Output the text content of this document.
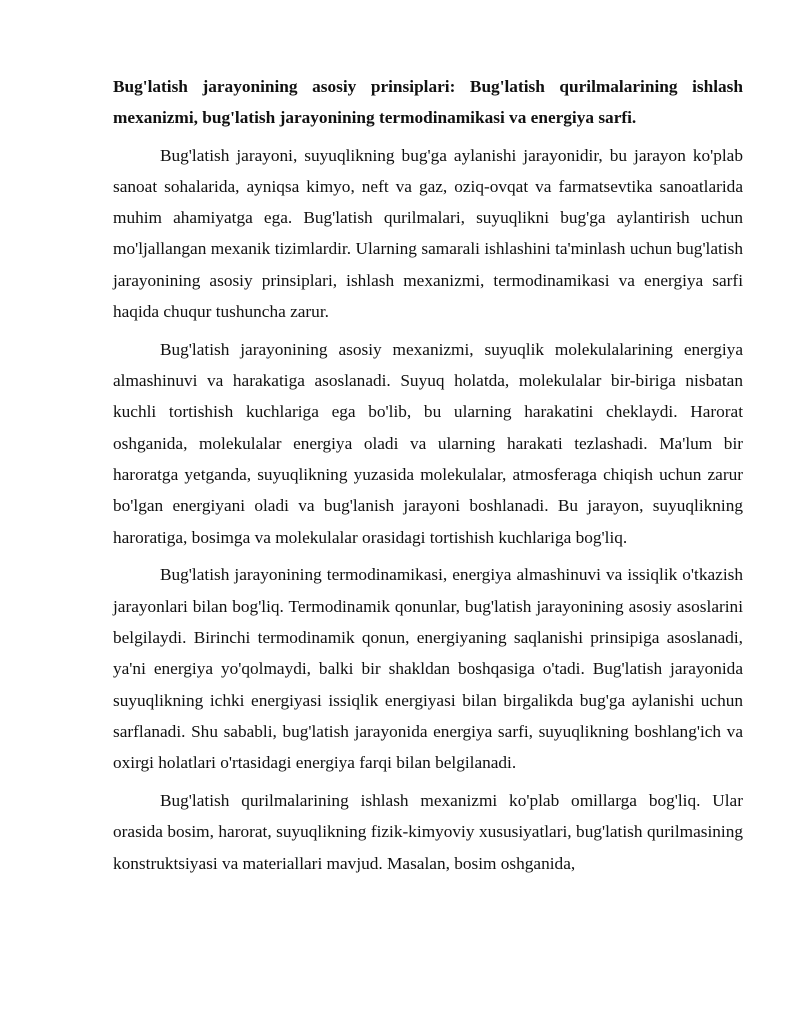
Bug'latish jarayonining asosiy prinsiplari: Bug'latish qurilmalarining ishlash mexanizmi, bug'latish jarayonining termodinamikasi va energiya sarfi.

Bug'latish jarayoni, suyuqlikning bug'ga aylanishi jarayonidir, bu jarayon ko'plab sanoat sohalarida, ayniqsa kimyo, neft va gaz, oziq-ovqat va farmatsevtika sanoatlarida muhim ahamiyatga ega. Bug'latish qurilmalari, suyuqlikni bug'ga aylantirish uchun mo'ljallangan mexanik tizimlardir. Ularning samarali ishlashini ta'minlash uchun bug'latish jarayonining asosiy prinsiplari, ishlash mexanizmi, termodinamikasi va energiya sarfi haqida chuqur tushuncha zarur.

Bug'latish jarayonining asosiy mexanizmi, suyuqlik molekulalarining energiya almashinuvi va harakatiga asoslanadi. Suyuq holatda, molekulalar bir-biriga nisbatan kuchli tortishish kuchlariga ega bo'lib, bu ularning harakatini cheklaydi. Harorat oshganida, molekulalar energiya oladi va ularning harakati tezlashadi. Ma'lum bir haroratga yetganda, suyuqlikning yuzasida molekulalar, atmosferaga chiqish uchun zarur bo'lgan energiyani oladi va bug'lanish jarayoni boshlanadi. Bu jarayon, suyuqlikning haroratiga, bosimga va molekulalar orasidagi tortishish kuchlariga bog'liq.

Bug'latish jarayonining termodinamikasi, energiya almashinuvi va issiqlik o'tkazish jarayonlari bilan bog'liq. Termodinamik qonunlar, bug'latish jarayonining asosiy asoslarini belgilaydi. Birinchi termodinamik qonun, energiyaning saqlanishi prinsipiga asoslanadi, ya'ni energiya yo'qolmaydi, balki bir shakldan boshqasiga o'tadi. Bug'latish jarayonida suyuqlikning ichki energiyasi issiqlik energiyasi bilan birgalikda bug'ga aylanishi uchun sarflanadi. Shu sababli, bug'latish jarayonida energiya sarfi, suyuqlikning boshlang'ich va oxirgi holatlari o'rtasidagi energiya farqi bilan belgilanadi.

Bug'latish qurilmalarining ishlash mexanizmi ko'plab omillarga bog'liq. Ular orasida bosim, harorat, suyuqlikning fizik-kimyoviy xususiyatlari, bug'latish qurilmasining konstruktsiyasi va materiallari mavjud. Masalan, bosim oshganida,
